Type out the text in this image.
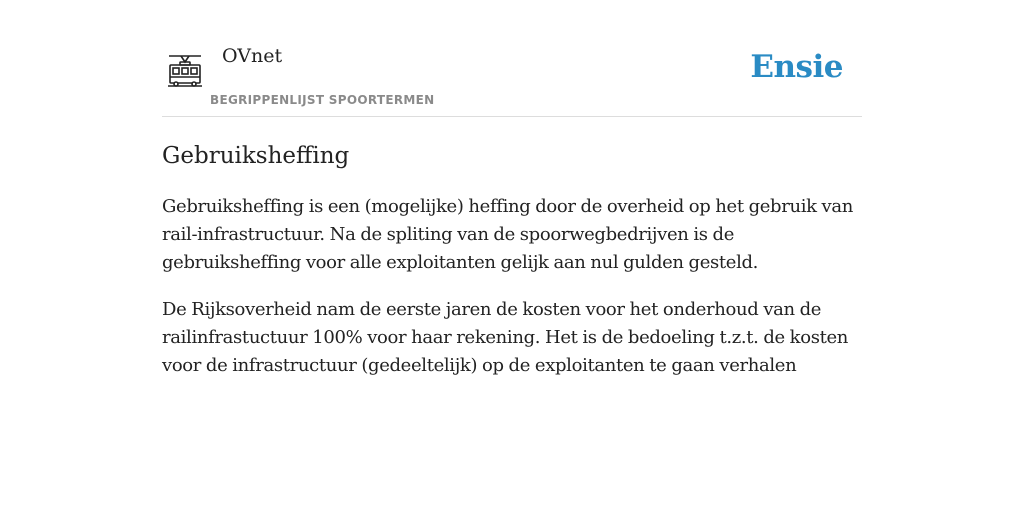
OVnet
BEGRIPPENLIJST SPOORTERMEN
Ensie
Gebruiksheffing

Gebruiksheffing is een (mogelijke) heffing door de overheid op het gebruik van rail-infrastructuur. Na de spliting van de spoorwegbedrijven is de gebruiksheffing voor alle exploitanten gelijk aan nul gulden gesteld.

De Rijksoverheid nam de eerste jaren de kosten voor het onderhoud van de railinfrastuctuur 100% voor haar rekening. Het is de bedoeling t.z.t. de kosten voor de infrastructuur (gedeeltelijk) op de exploitanten te gaan verhalen
